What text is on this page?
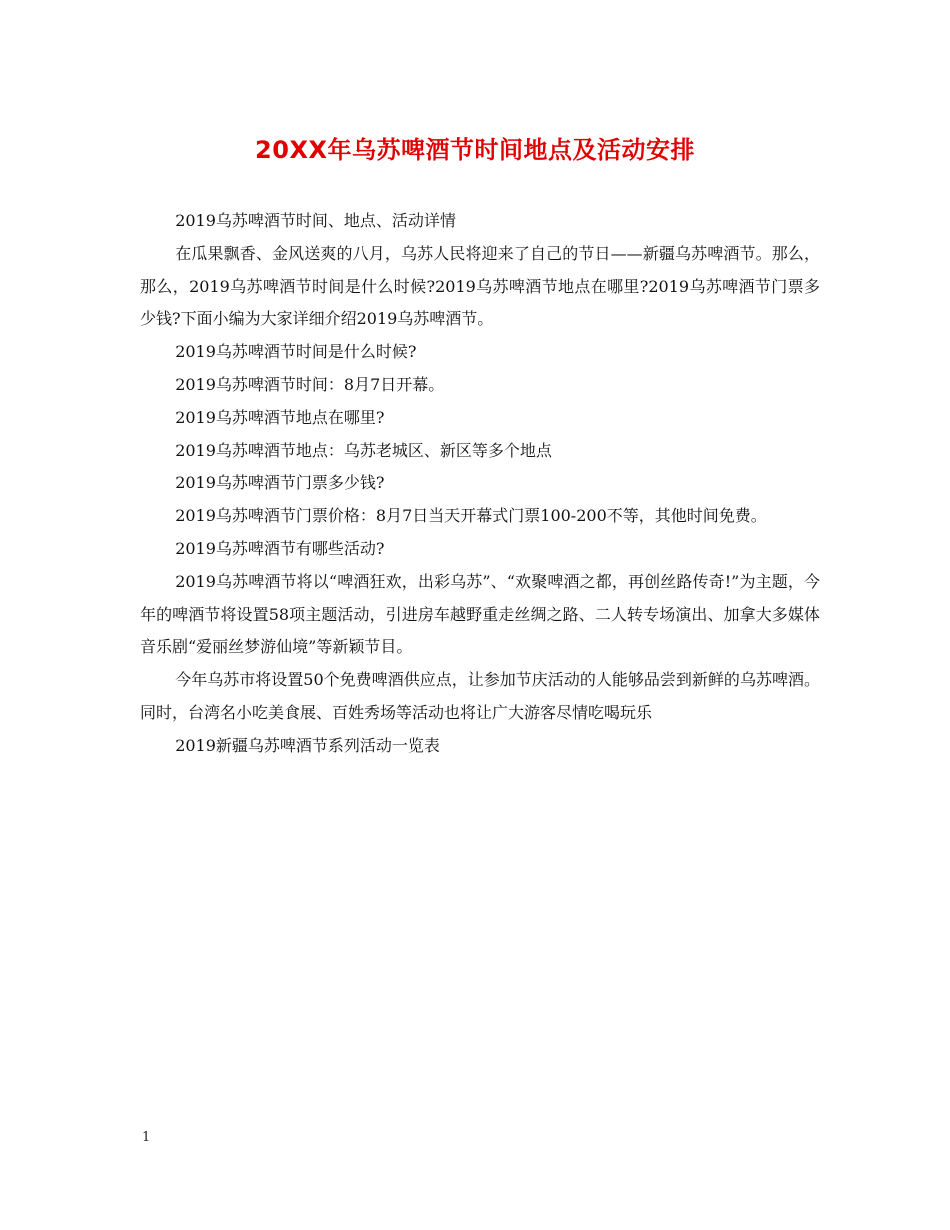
20XX年乌苏啤酒节时间地点及活动安排

2019乌苏啤酒节时间、地点、活动详情

在瓜果飘香、金风送爽的八月，乌苏人民将迎来了自己的节日——新疆乌苏啤酒节。那么，那么，2019乌苏啤酒节时间是什么时候?2019乌苏啤酒节地点在哪里?2019乌苏啤酒节门票多少钱?下面小编为大家详细介绍2019乌苏啤酒节。

2019乌苏啤酒节时间是什么时候?

2019乌苏啤酒节时间：8月7日开幕。

2019乌苏啤酒节地点在哪里?

2019乌苏啤酒节地点：乌苏老城区、新区等多个地点

2019乌苏啤酒节门票多少钱?

2019乌苏啤酒节门票价格：8月7日当天开幕式门票100-200不等，其他时间免费。

2019乌苏啤酒节有哪些活动?

2019乌苏啤酒节将以“啤酒狂欢，出彩乌苏”、“欢聚啤酒之都，再创丝路传奇!”为主题，今年的啤酒节将设置58项主题活动，引进房车越野重走丝绸之路、二人转专场演出、加拿大多媒体音乐剧“爱丽丝梦游仙境”等新颖节目。

今年乌苏市将设置50个免费啤酒供应点，让参加节庆活动的人能够品尝到新鲜的乌苏啤酒。同时，台湾名小吃美食展、百姓秀场等活动也将让广大游客尽情吃喝玩乐

2019新疆乌苏啤酒节系列活动一览表

1
